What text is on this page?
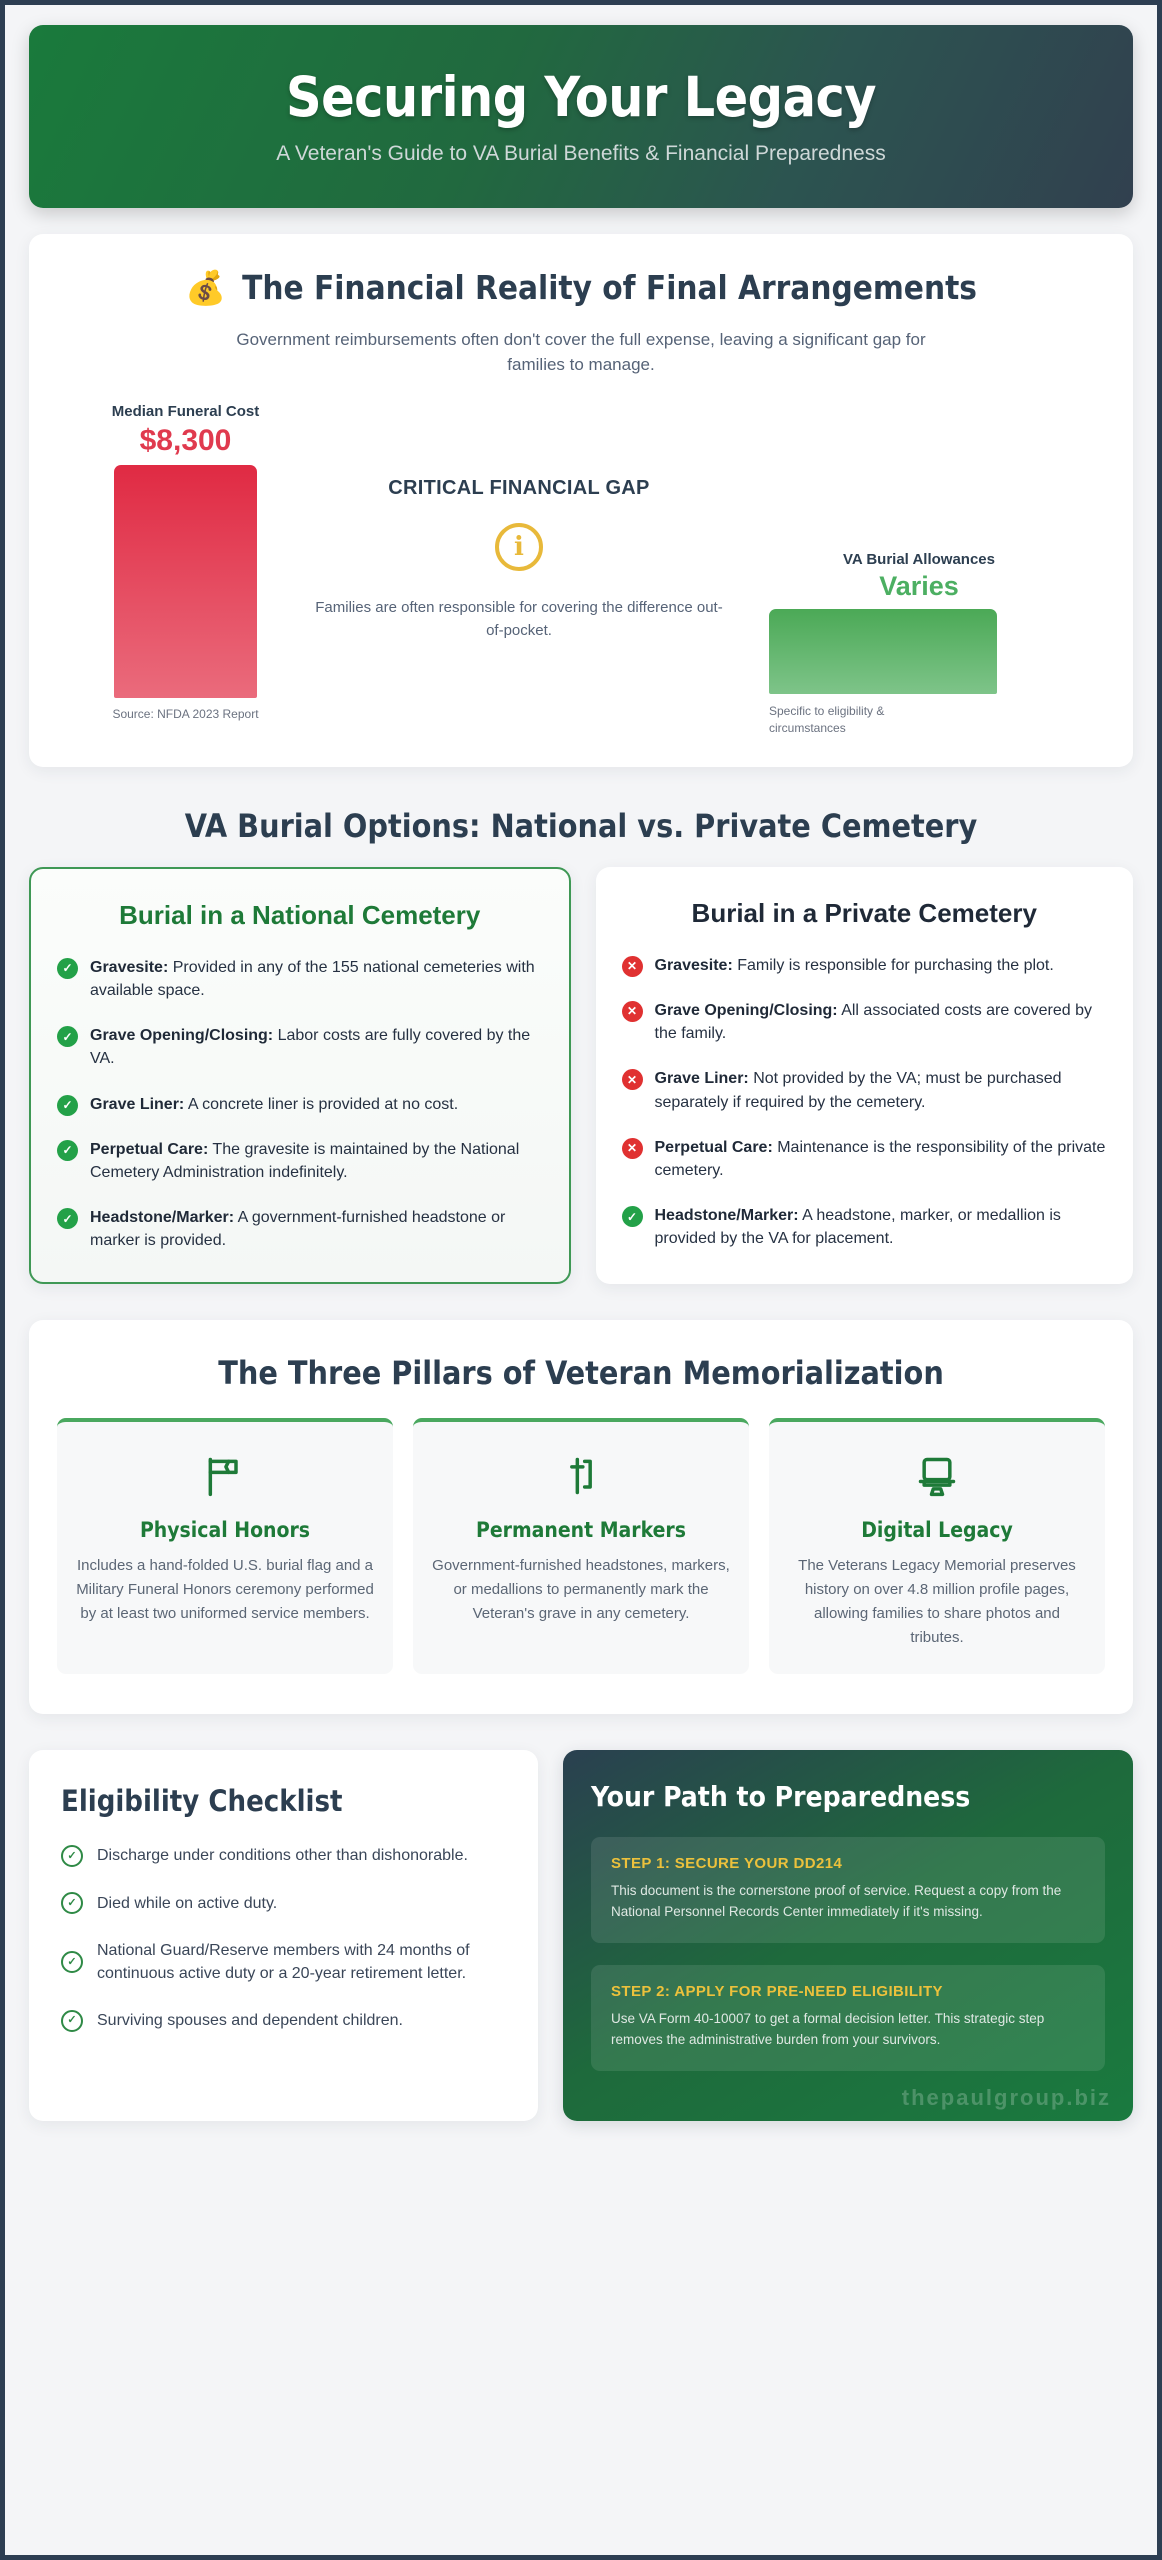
Securing Your Legacy
A Veteran's Guide to VA Burial Benefits & Financial Preparedness
💰 The Financial Reality of Final Arrangements
Government reimbursements often don't cover the full expense, leaving a significant gap for families to manage.
Median Funeral Cost
$8,300
Source: NFDA 2023 Report
CRITICAL FINANCIAL GAP
i
Families are often responsible for covering the difference out-of-pocket.
VA Burial Allowances
Varies
Specific to eligibility & circumstances
VA Burial Options: National vs. Private Cemetery
Burial in a National Cemetery
✓	Gravesite: Provided in any of the 155 national cemeteries with available space.
✓	Grave Opening/Closing: Labor costs are fully covered by the VA.
✓	Grave Liner: A concrete liner is provided at no cost.
✓	Perpetual Care: The gravesite is maintained by the National Cemetery Administration indefinitely.
✓	Headstone/Marker: A government-furnished headstone or marker is provided.
Burial in a Private Cemetery
✕	Gravesite: Family is responsible for purchasing the plot.
✕	Grave Opening/Closing: All associated costs are covered by the family.
✕	Grave Liner: Not provided by the VA; must be purchased separately if required by the cemetery.
✕	Perpetual Care: Maintenance is the responsibility of the private cemetery.
✓	Headstone/Marker: A headstone, marker, or medallion is provided by the VA for placement.
The Three Pillars of Veteran Memorialization
Physical Honors
Includes a hand-folded U.S. burial flag and a Military Funeral Honors ceremony performed by at least two uniformed service members.
Permanent Markers
Government-furnished headstones, markers, or medallions to permanently mark the Veteran's grave in any cemetery.
Digital Legacy
The Veterans Legacy Memorial preserves history on over 4.8 million profile pages, allowing families to share photos and tributes.
Eligibility Checklist
✓	Discharge under conditions other than dishonorable.
✓	Died while on active duty.
✓
National Guard/Reserve members with 24 months of continuous active duty or a 20-year retirement letter.
✓	Surviving spouses and dependent children.
Your Path to Preparedness
STEP 1: SECURE YOUR DD214
This document is the cornerstone proof of service. Request a copy from the National Personnel Records Center immediately if it's missing.
STEP 2: APPLY FOR PRE-NEED ELIGIBILITY
Use VA Form 40-10007 to get a formal decision letter. This strategic step removes the administrative burden from your survivors.
thepaulgroup.biz
